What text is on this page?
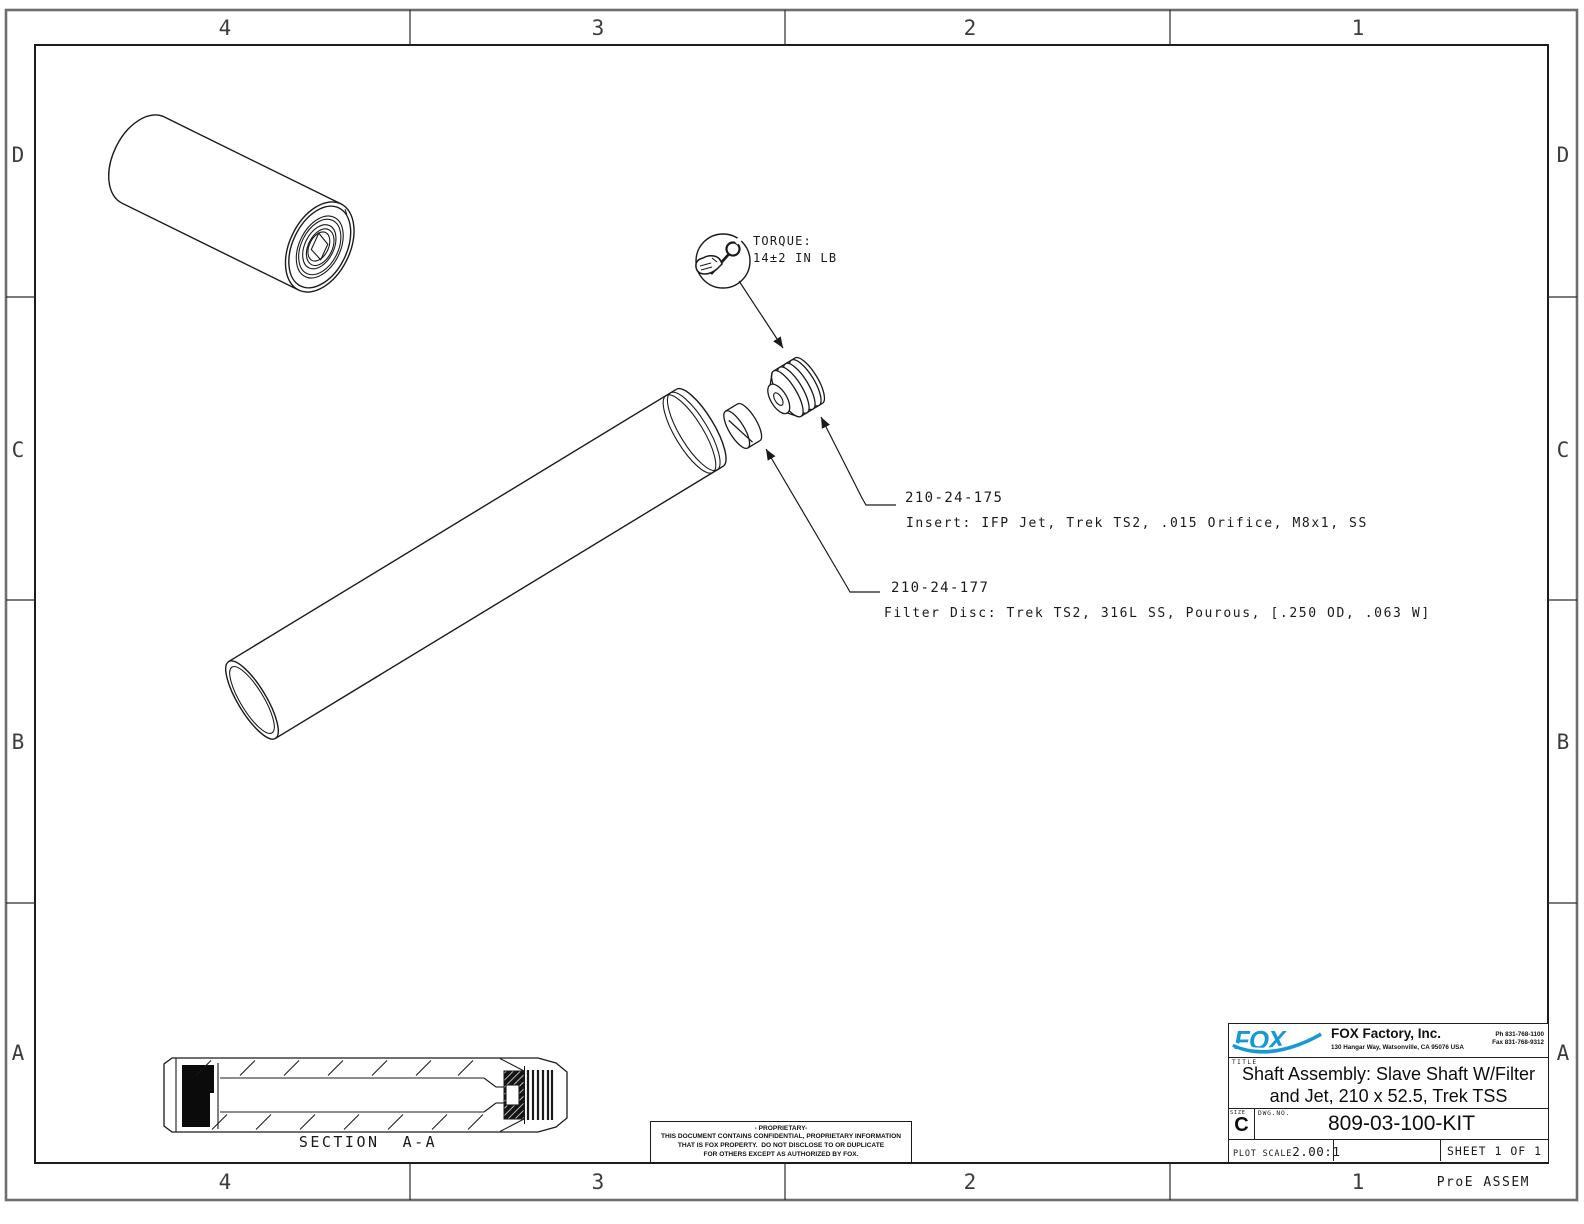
4	3	2	1
4	3	2	1
D
C
B
A
D
C
B
A
TORQUE:
14±2 IN LB
210-24-175
Insert: IFP Jet, Trek TS2, .015 Orifice, M8x1, SS
210-24-177
Filter Disc: Trek TS2, 316L SS, Pourous, [.250 OD, .063 W]
SECTION  A-A
- PROPRIETARY-
THIS DOCUMENT CONTAINS CONFIDENTIAL, PROPRIETARY INFORMATION
THAT IS FOX PROPERTY.  DO NOT DISCLOSE TO OR DUPLICATE
FOR OTHERS EXCEPT AS AUTHORIZED BY FOX.
FOX	FOX Factory, Inc.
130 Hangar Way, Watsonville, CA 95076 USA
Ph 831-768-1100
Fax 831-768-9312
TITLE
Shaft Assembly: Slave Shaft W/Filter
and Jet, 210 x 52.5, Trek TSS
SIZE
C
DWG.NO.	809-03-100-KIT
PLOT SCALE 2.00:1	SHEET 1 OF 1
ProE ASSEM
